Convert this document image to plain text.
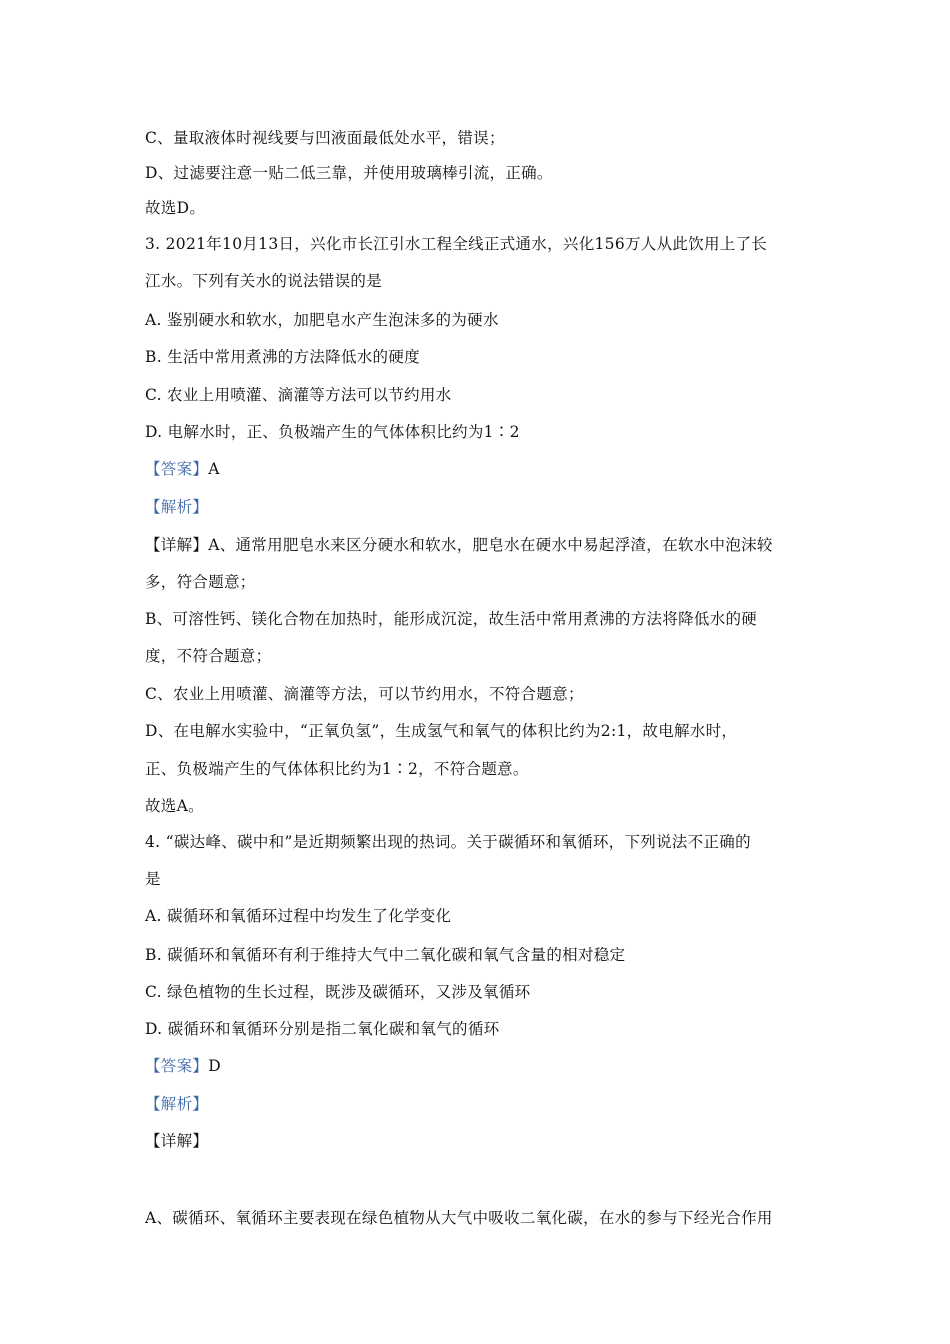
C、量取液体时视线要与凹液面最低处水平，错误；
D、过滤要注意一贴二低三靠，并使用玻璃棒引流，正确。
故选D。
3. 2021年10月13日，兴化市长江引水工程全线正式通水，兴化156万人从此饮用上了长
江水。下列有关水的说法错误的是
A. 鉴别硬水和软水，加肥皂水产生泡沫多的为硬水
B. 生活中常用煮沸的方法降低水的硬度
C. 农业上用喷灌、滴灌等方法可以节约用水
D. 电解水时，正、负极端产生的气体体积比约为1∶2
【答案】A
【解析】
【详解】A、通常用肥皂水来区分硬水和软水，肥皂水在硬水中易起浮渣，在软水中泡沫较
多，符合题意；
B、可溶性钙、镁化合物在加热时，能形成沉淀，故生活中常用煮沸的方法将降低水的硬
度，不符合题意；
C、农业上用喷灌、滴灌等方法，可以节约用水，不符合题意；
D、在电解水实验中，“正氧负氢”，生成氢气和氧气的体积比约为2:1，故电解水时，
正、负极端产生的气体体积比约为1∶2，不符合题意。
故选A。
4. “碳达峰、碳中和”是近期频繁出现的热词。关于碳循环和氧循环，下列说法不正确的
是
A. 碳循环和氧循环过程中均发生了化学变化
B. 碳循环和氧循环有利于维持大气中二氧化碳和氧气含量的相对稳定
C. 绿色植物的生长过程，既涉及碳循环，又涉及氧循环
D. 碳循环和氧循环分别是指二氧化碳和氧气的循环
【答案】D
【解析】
【详解】
A、碳循环、氧循环主要表现在绿色植物从大气中吸收二氧化碳，在水的参与下经光合作用
